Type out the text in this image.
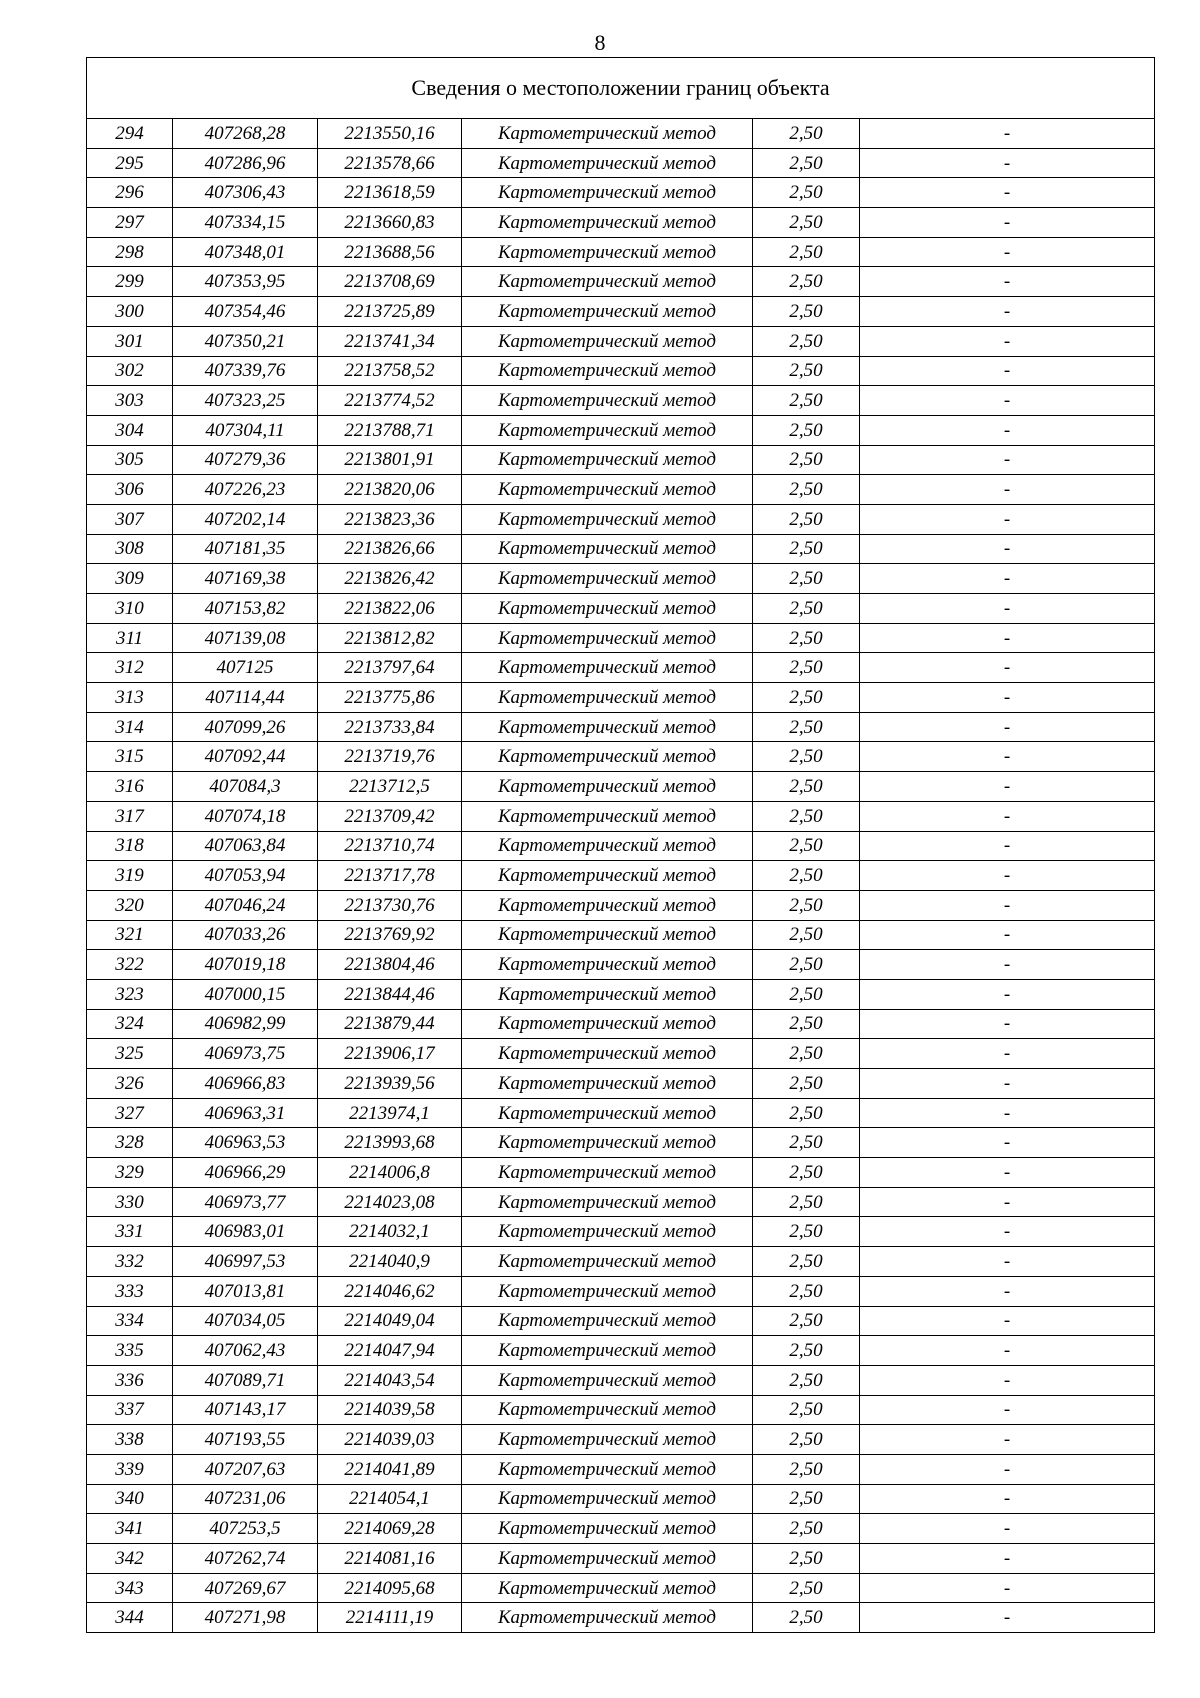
8
Сведения о местоположении границ объекта					
294	407268,28	2213550,16	Картометрический метод	2,50	-
295	407286,96	2213578,66	Картометрический метод	2,50	-
296	407306,43	2213618,59	Картометрический метод	2,50	-
297	407334,15	2213660,83	Картометрический метод	2,50	-
298	407348,01	2213688,56	Картометрический метод	2,50	-
299	407353,95	2213708,69	Картометрический метод	2,50	-
300	407354,46	2213725,89	Картометрический метод	2,50	-
301	407350,21	2213741,34	Картометрический метод	2,50	-
302	407339,76	2213758,52	Картометрический метод	2,50	-
303	407323,25	2213774,52	Картометрический метод	2,50	-
304	407304,11	2213788,71	Картометрический метод	2,50	-
305	407279,36	2213801,91	Картометрический метод	2,50	-
306	407226,23	2213820,06	Картометрический метод	2,50	-
307	407202,14	2213823,36	Картометрический метод	2,50	-
308	407181,35	2213826,66	Картометрический метод	2,50	-
309	407169,38	2213826,42	Картометрический метод	2,50	-
310	407153,82	2213822,06	Картометрический метод	2,50	-
311	407139,08	2213812,82	Картометрический метод	2,50	-
312	407125	2213797,64	Картометрический метод	2,50	-
313	407114,44	2213775,86	Картометрический метод	2,50	-
314	407099,26	2213733,84	Картометрический метод	2,50	-
315	407092,44	2213719,76	Картометрический метод	2,50	-
316	407084,3	2213712,5	Картометрический метод	2,50	-
317	407074,18	2213709,42	Картометрический метод	2,50	-
318	407063,84	2213710,74	Картометрический метод	2,50	-
319	407053,94	2213717,78	Картометрический метод	2,50	-
320	407046,24	2213730,76	Картометрический метод	2,50	-
321	407033,26	2213769,92	Картометрический метод	2,50	-
322	407019,18	2213804,46	Картометрический метод	2,50	-
323	407000,15	2213844,46	Картометрический метод	2,50	-
324	406982,99	2213879,44	Картометрический метод	2,50	-
325	406973,75	2213906,17	Картометрический метод	2,50	-
326	406966,83	2213939,56	Картометрический метод	2,50	-
327	406963,31	2213974,1	Картометрический метод	2,50	-
328	406963,53	2213993,68	Картометрический метод	2,50	-
329	406966,29	2214006,8	Картометрический метод	2,50	-
330	406973,77	2214023,08	Картометрический метод	2,50	-
331	406983,01	2214032,1	Картометрический метод	2,50	-
332	406997,53	2214040,9	Картометрический метод	2,50	-
333	407013,81	2214046,62	Картометрический метод	2,50	-
334	407034,05	2214049,04	Картометрический метод	2,50	-
335	407062,43	2214047,94	Картометрический метод	2,50	-
336	407089,71	2214043,54	Картометрический метод	2,50	-
337	407143,17	2214039,58	Картометрический метод	2,50	-
338	407193,55	2214039,03	Картометрический метод	2,50	-
339	407207,63	2214041,89	Картометрический метод	2,50	-
340	407231,06	2214054,1	Картометрический метод	2,50	-
341	407253,5	2214069,28	Картометрический метод	2,50	-
342	407262,74	2214081,16	Картометрический метод	2,50	-
343	407269,67	2214095,68	Картометрический метод	2,50	-
344	407271,98	2214111,19	Картометрический метод	2,50	-
